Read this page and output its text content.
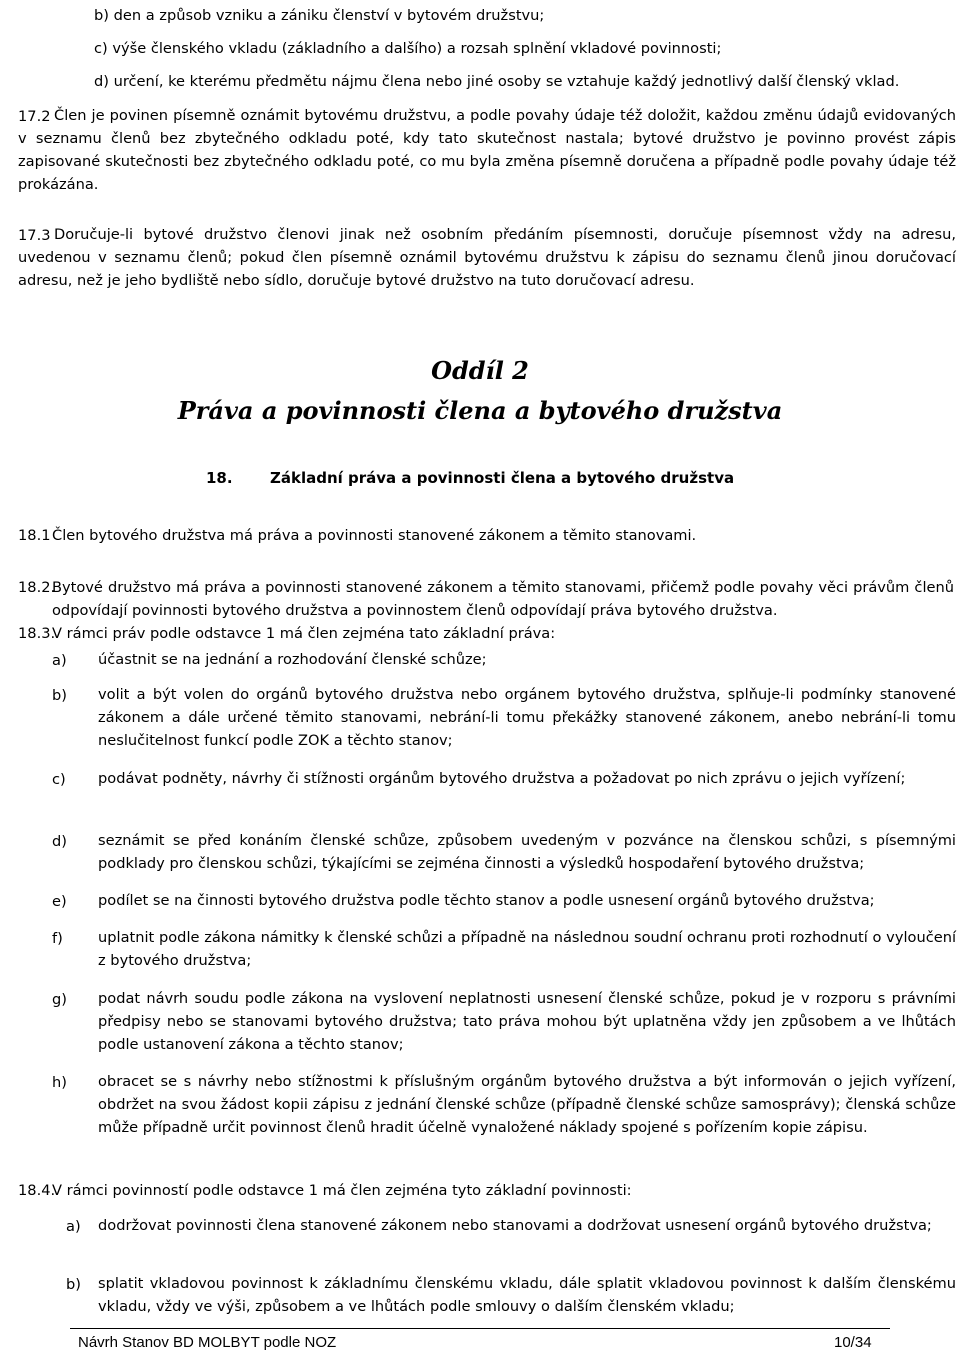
b) den a způsob vzniku a zániku členství v bytovém družstvu;
c) výše členského vkladu (základního a dalšího) a rozsah splnění vkladové povinnosti;
d) určení, ke kterému předmětu nájmu člena nebo jiné osoby se vztahuje každý jednotlivý další členský vklad.
17.2 Člen je povinen písemně oznámit bytovému družstvu, a podle povahy údaje též doložit, každou změnu údajů evidovaných v seznamu členů bez zbytečného odkladu poté, kdy tato skutečnost nastala; bytové družstvo je povinno provést zápis zapisované skutečnosti bez zbytečného odkladu poté, co mu byla změna písemně doručena a případně podle povahy údaje též prokázána.
17.3 Doručuje-li bytové družstvo členovi jinak než osobním předáním písemnosti, doručuje písemnost vždy na adresu, uvedenou v seznamu členů; pokud člen písemně oznámil bytovému družstvu k zápisu do seznamu členů jinou doručovací adresu, než je jeho bydliště nebo sídlo, doručuje bytové družstvo na tuto doručovací adresu.
Oddíl 2
Práva a povinnosti člena a bytového družstva
18. Základní práva a povinnosti člena a bytového družstva
18.1 Člen bytového družstva má práva a povinnosti stanovené zákonem a těmito stanovami.
18.2.
Bytové družstvo má práva a povinnosti stanovené zákonem a těmito stanovami, přičemž podle povahy věci právům členů odpovídají povinnosti bytového družstva a povinnostem členů odpovídají práva bytového družstva.
18.3.
V rámci práv podle odstavce 1 má člen zejména tato základní práva:
a) účastnit se na jednání a rozhodování členské schůze;
b) volit a být volen do orgánů bytového družstva nebo orgánem bytového družstva, splňuje-li podmínky stanovené zákonem a dále určené těmito stanovami, nebrání-li tomu překážky stanovené zákonem, anebo nebrání-li tomu neslučitelnost funkcí podle ZOK a těchto stanov;
c) podávat podněty, návrhy či stížnosti orgánům bytového družstva a požadovat po nich zprávu o jejich vyřízení;
d) seznámit se před konáním členské schůze, způsobem uvedeným v pozvánce na členskou schůzi, s písemnými podklady pro členskou schůzi, týkajícími se zejména činnosti a výsledků hospodaření bytového družstva;
e) podílet se na činnosti bytového družstva podle těchto stanov a podle usnesení orgánů bytového družstva;
f) uplatnit podle zákona námitky k členské schůzi a případně na následnou soudní ochranu proti rozhodnutí o vyloučení z bytového družstva;
g) podat návrh soudu podle zákona na vyslovení neplatnosti usnesení členské schůze, pokud je v rozporu s právními předpisy nebo se stanovami bytového družstva; tato práva mohou být uplatněna vždy jen způsobem a ve lhůtách podle ustanovení zákona a těchto stanov;
h) obracet se s návrhy nebo stížnostmi k příslušným orgánům bytového družstva a být informován o jejich vyřízení, obdržet na svou žádost kopii zápisu z jednání členské schůze (případně členské schůze samosprávy); členská schůze může případně určit povinnost členů hradit účelně vynaložené náklady spojené s pořízením kopie zápisu.
18.4.
V rámci povinností podle odstavce 1 má člen zejména tyto základní povinnosti:
a) dodržovat povinnosti člena stanovené zákonem nebo stanovami a dodržovat usnesení orgánů bytového družstva;
b) splatit vkladovou povinnost k základnímu členskému vkladu, dále splatit vkladovou povinnost k dalším členskému vkladu, vždy ve výši, způsobem a ve lhůtách podle smlouvy o dalším členském vkladu;
Návrh Stanov BD MOLBYT podle NOZ	10/34
